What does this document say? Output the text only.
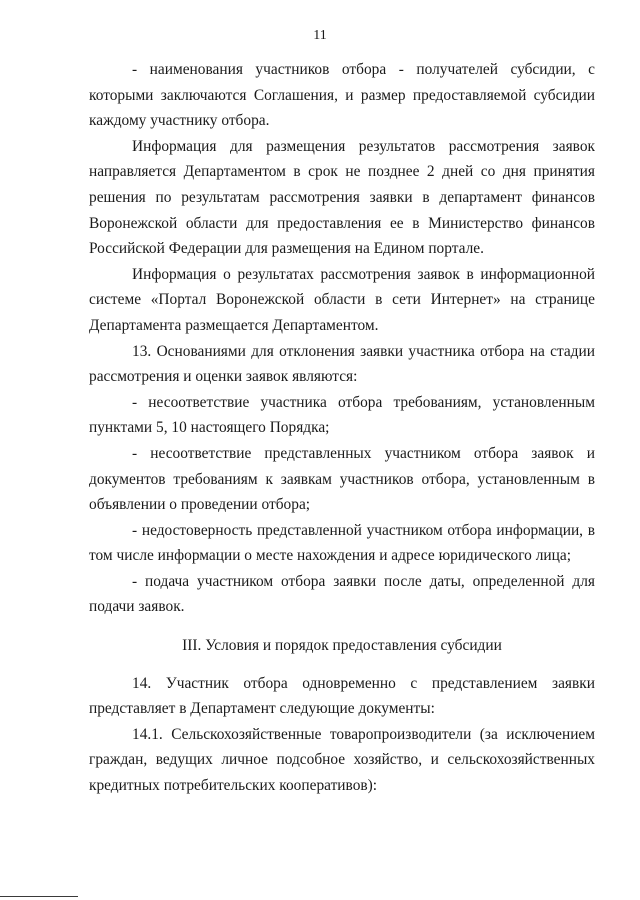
11

- наименования участников отбора - получателей субсидии, с которыми заключаются Соглашения, и размер предоставляемой субсидии каждому участнику отбора.

Информация для размещения результатов рассмотрения заявок направляется Департаментом в срок не позднее 2 дней со дня принятия решения по результатам рассмотрения заявки в департамент финансов Воронежской области для предоставления ее в Министерство финансов Российской Федерации для размещения на Едином портале.

Информация о результатах рассмотрения заявок в информационной системе «Портал Воронежской области в сети Интернет» на странице Департамента размещается Департаментом.

13. Основаниями для отклонения заявки участника отбора на стадии рассмотрения и оценки заявок являются:

- несоответствие участника отбора требованиям, установленным пунктами 5, 10 настоящего Порядка;

- несоответствие представленных участником отбора заявок и документов требованиям к заявкам участников отбора, установленным в объявлении о проведении отбора;

- недостоверность представленной участником отбора информации, в том числе информации о месте нахождения и адресе юридического лица;

- подача участником отбора заявки после даты, определенной для подачи заявок.

III. Условия и порядок предоставления субсидии

14. Участник отбора одновременно с представлением заявки представляет в Департамент следующие документы:

14.1. Сельскохозяйственные товаропроизводители (за исключением граждан, ведущих личное подсобное хозяйство, и сельскохозяйственных кредитных потребительских кооперативов):
